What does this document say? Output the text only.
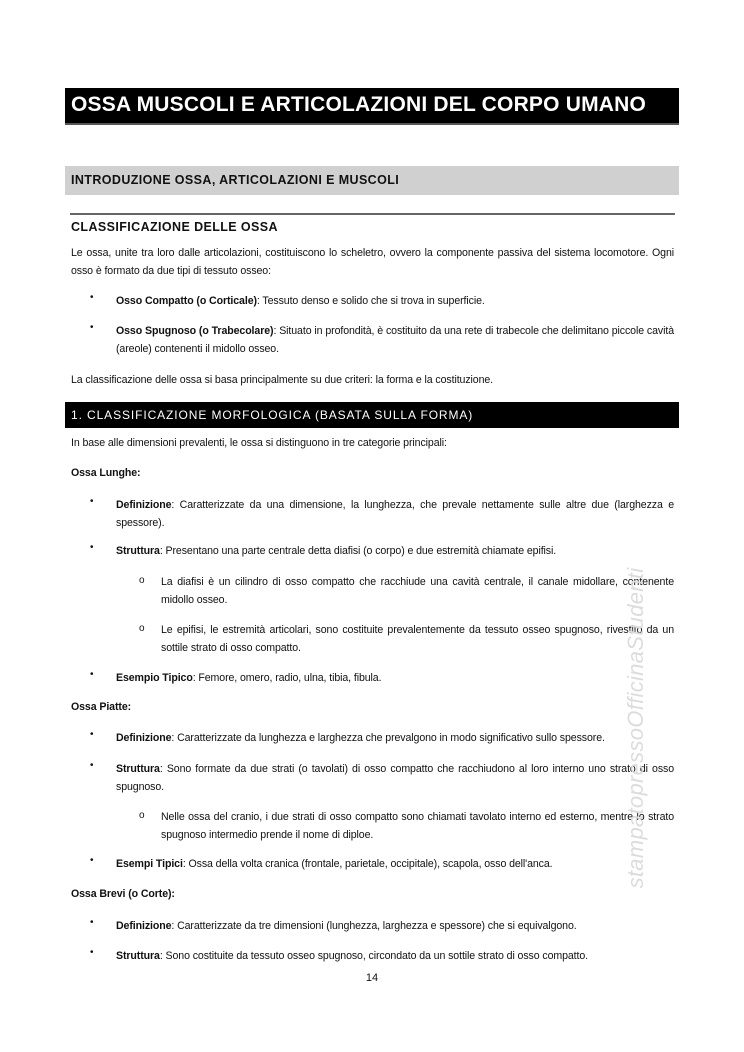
OSSA MUSCOLI E ARTICOLAZIONI DEL CORPO UMANO
INTRODUZIONE OSSA, ARTICOLAZIONI E MUSCOLI
CLASSIFICAZIONE DELLE OSSA
Le ossa, unite tra loro dalle articolazioni, costituiscono lo scheletro, ovvero la componente passiva del sistema locomotore. Ogni osso è formato da due tipi di tessuto osseo:
• Osso Compatto (o Corticale): Tessuto denso e solido che si trova in superficie.
• Osso Spugnoso (o Trabecolare): Situato in profondità, è costituito da una rete di trabecole che delimitano piccole cavità (areole) contenenti il midollo osseo.
La classificazione delle ossa si basa principalmente su due criteri: la forma e la costituzione.
1. CLASSIFICAZIONE MORFOLOGICA (BASATA SULLA FORMA)
In base alle dimensioni prevalenti, le ossa si distinguono in tre categorie principali:
Ossa Lunghe:
• Definizione: Caratterizzate da una dimensione, la lunghezza, che prevale nettamente sulle altre due (larghezza e spessore).
• Struttura: Presentano una parte centrale detta diafisi (o corpo) e due estremità chiamate epifisi.
o La diafisi è un cilindro di osso compatto che racchiude una cavità centrale, il canale midollare, contenente midollo osseo.
o Le epifisi, le estremità articolari, sono costituite prevalentemente da tessuto osseo spugnoso, rivestito da un sottile strato di osso compatto.
• Esempio Tipico: Femore, omero, radio, ulna, tibia, fibula.
Ossa Piatte:
• Definizione: Caratterizzate da lunghezza e larghezza che prevalgono in modo significativo sullo spessore.
• Struttura: Sono formate da due strati (o tavolati) di osso compatto che racchiudono al loro interno uno strato di osso spugnoso.
o Nelle ossa del cranio, i due strati di osso compatto sono chiamati tavolato interno ed esterno, mentre lo strato spugnoso intermedio prende il nome di diploe.
• Esempi Tipici: Ossa della volta cranica (frontale, parietale, occipitale), scapola, osso dell'anca.
Ossa Brevi (o Corte):
• Definizione: Caratterizzate da tre dimensioni (lunghezza, larghezza e spessore) che si equivalgono.
• Struttura: Sono costituite da tessuto osseo spugnoso, circondato da un sottile strato di osso compatto.
14
stampatopressoOfficinaStudenti
